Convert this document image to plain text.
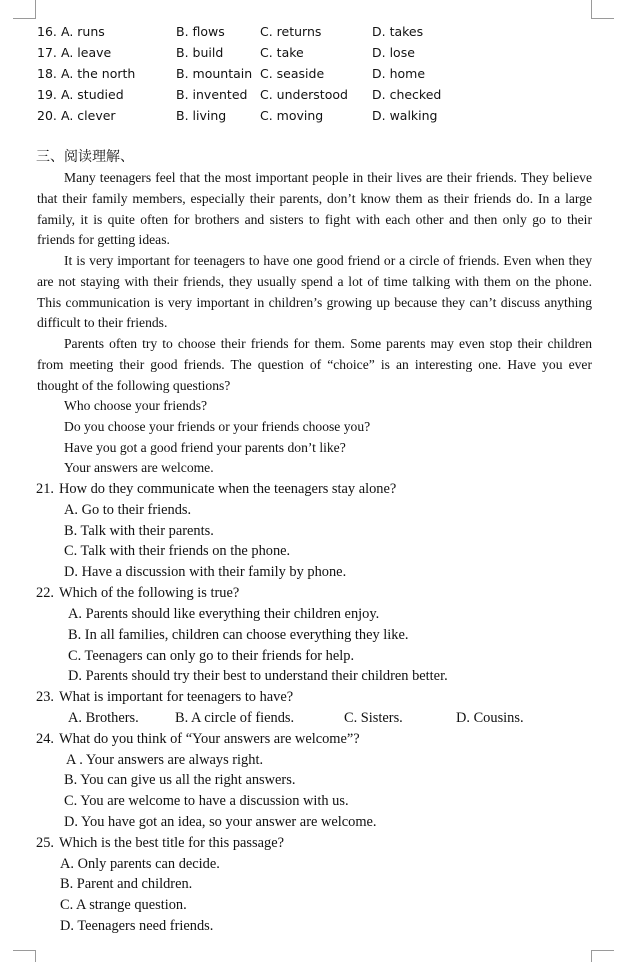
16. A. runs	B. flows	C. returns	D. takes
17. A. leave	B. build	C. take	D. lose
18. A. the north	B. mountain C. seaside	D. home
19. A. studied	B. invented C. understood D. checked
20. A. clever	B. living	C. moving	D. walking
三、阅读理解、

Many teenagers feel that the most important people in their lives are their friends. They believe that their family members, especially their parents, don’t know them as their friends do. In a large family, it is quite often for brothers and sisters to fight with each other and then only go to their friends for getting ideas.

It is very important for teenagers to have one good friend or a circle of friends. Even when they are not staying with their friends, they usually spend a lot of time talking with them on the phone. This communication is very important in children’s growing up because they can’t discuss anything difficult to their friends.

Parents often try to choose their friends for them. Some parents may even stop their children from meeting their good friends. The question of “choice” is an interesting one. Have you ever thought of the following questions?

Who choose your friends?
Do you choose your friends or your friends choose you?
Have you got a good friend your parents don’t like?
Your answers are welcome.
21. How do they communicate when the teenagers stay alone?
A. Go to their friends.
B. Talk with their parents.
C. Talk with their friends on the phone.
D. Have a discussion with their family by phone.
22. Which of the following is true?
A. Parents should like everything their children enjoy.
B. In all families, children can choose everything they like.
C. Teenagers can only go to their friends for help.
D. Parents should try their best to understand their children better.
23. What is important for teenagers to have?
A. Brothers.	B. A circle of fiends.	C. Sisters.	D. Cousins.
24. What do you think of “Your answers are welcome”?
A . Your answers are always right.
B. You can give us all the right answers.
C. You are welcome to have a discussion with us.
D. You have got an idea, so your answer are welcome.
25. Which is the best title for this passage?
A. Only parents can decide.
B. Parent and children.
C. A strange question.
D. Teenagers need friends.
